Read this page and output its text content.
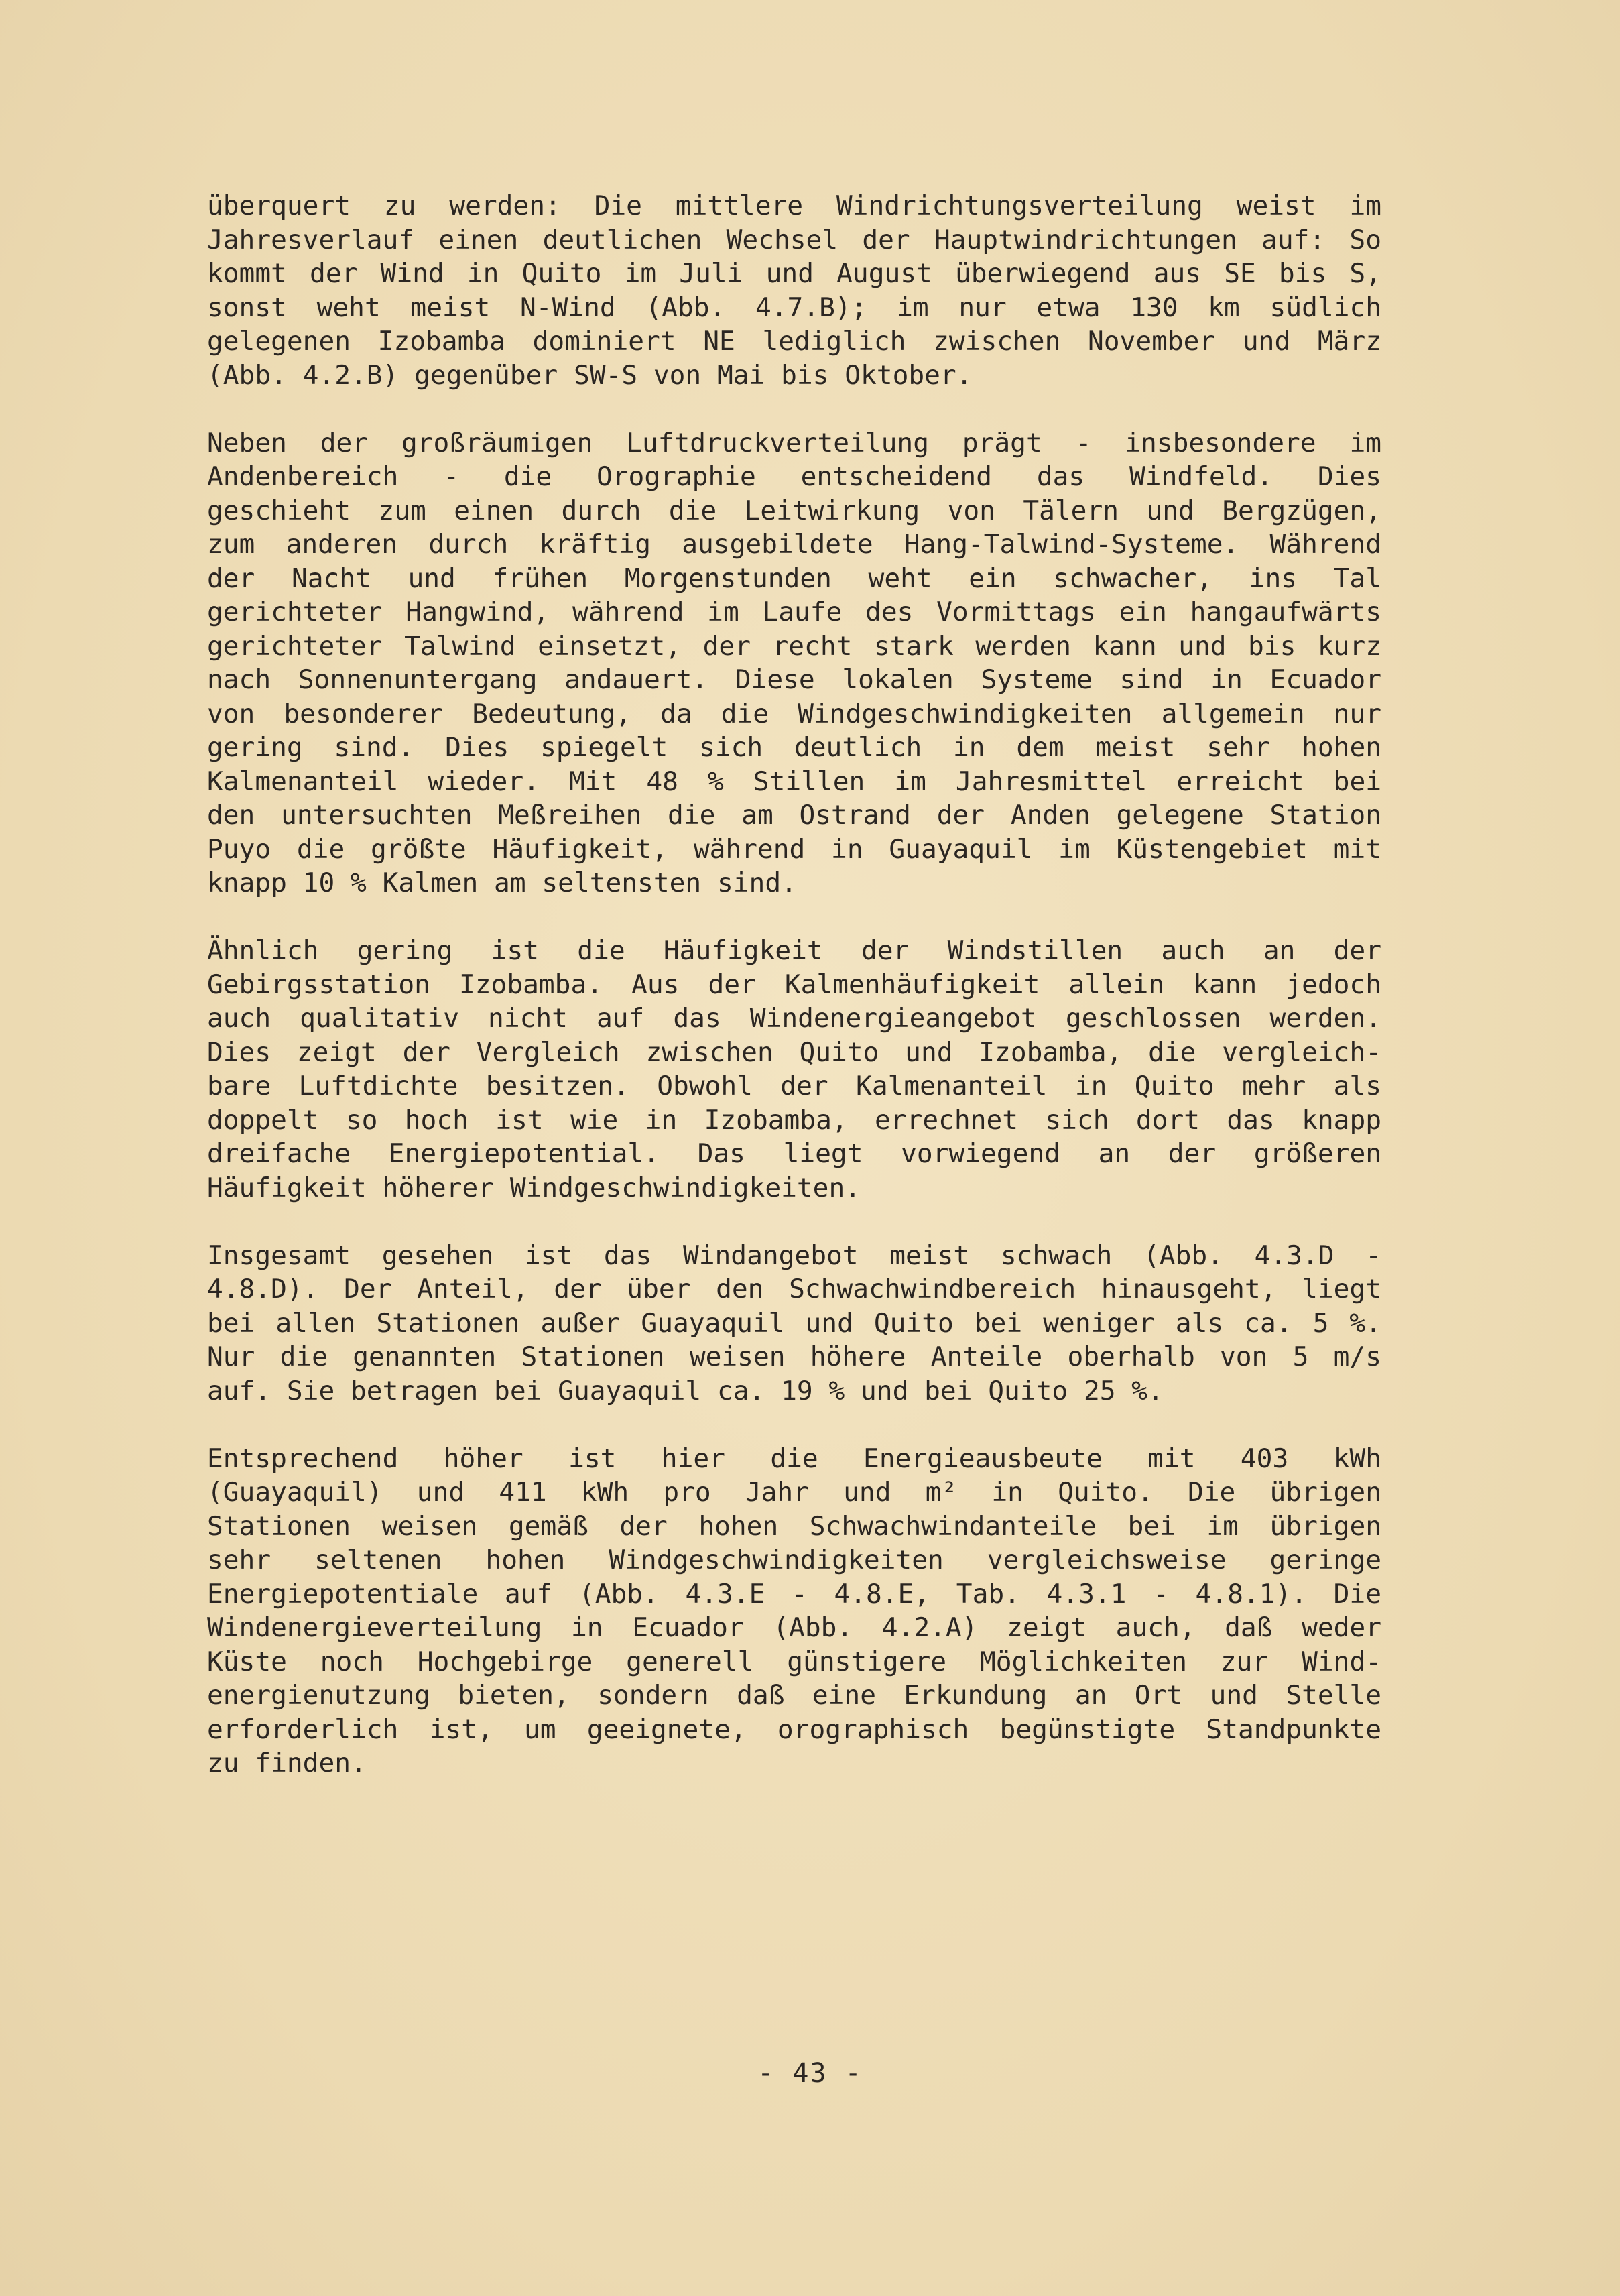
überquert zu werden: Die mittlere Windrichtungsverteilung weist im
Jahresverlauf einen deutlichen Wechsel der Hauptwindrichtungen auf: So
kommt der Wind in Quito im Juli und August überwiegend aus SE bis S,
sonst weht meist N-Wind (Abb. 4.7.B); im nur etwa 130 km südlich
gelegenen Izobamba dominiert NE lediglich zwischen November und März
(Abb. 4.2.B) gegenüber SW-S von Mai bis Oktober.
Neben der großräumigen Luftdruckverteilung prägt - insbesondere im
Andenbereich - die Orographie entscheidend das Windfeld. Dies
geschieht zum einen durch die Leitwirkung von Tälern und Bergzügen,
zum anderen durch kräftig ausgebildete Hang-Talwind-Systeme. Während
der Nacht und frühen Morgenstunden weht ein schwacher, ins Tal
gerichteter Hangwind, während im Laufe des Vormittags ein hangaufwärts
gerichteter Talwind einsetzt, der recht stark werden kann und bis kurz
nach Sonnenuntergang andauert. Diese lokalen Systeme sind in Ecuador
von besonderer Bedeutung, da die Windgeschwindigkeiten allgemein nur
gering sind. Dies spiegelt sich deutlich in dem meist sehr hohen
Kalmenanteil wieder. Mit 48 % Stillen im Jahresmittel erreicht bei
den untersuchten Meßreihen die am Ostrand der Anden gelegene Station
Puyo die größte Häufigkeit, während in Guayaquil im Küstengebiet mit
knapp 10 % Kalmen am seltensten sind.
Ähnlich gering ist die Häufigkeit der Windstillen auch an der
Gebirgsstation Izobamba. Aus der Kalmenhäufigkeit allein kann jedoch
auch qualitativ nicht auf das Windenergieangebot geschlossen werden.
Dies zeigt der Vergleich zwischen Quito und Izobamba, die vergleich-
bare Luftdichte besitzen. Obwohl der Kalmenanteil in Quito mehr als
doppelt so hoch ist wie in Izobamba, errechnet sich dort das knapp
dreifache Energiepotential. Das liegt vorwiegend an der größeren
Häufigkeit höherer Windgeschwindigkeiten.
Insgesamt gesehen ist das Windangebot meist schwach (Abb. 4.3.D -
4.8.D). Der Anteil, der über den Schwachwindbereich hinausgeht, liegt
bei allen Stationen außer Guayaquil und Quito bei weniger als ca. 5 %.
Nur die genannten Stationen weisen höhere Anteile oberhalb von 5 m/s
auf. Sie betragen bei Guayaquil ca. 19 % und bei Quito 25 %.
Entsprechend höher ist hier die Energieausbeute mit 403 kWh
(Guayaquil) und 411 kWh pro Jahr und m² in Quito. Die übrigen
Stationen weisen gemäß der hohen Schwachwindanteile bei im übrigen
sehr seltenen hohen Windgeschwindigkeiten vergleichsweise geringe
Energiepotentiale auf (Abb. 4.3.E - 4.8.E, Tab. 4.3.1 - 4.8.1). Die
Windenergieverteilung in Ecuador (Abb. 4.2.A) zeigt auch, daß weder
Küste noch Hochgebirge generell günstigere Möglichkeiten zur Wind-
energienutzung bieten, sondern daß eine Erkundung an Ort und Stelle
erforderlich ist, um geeignete, orographisch begünstigte Standpunkte
zu finden.
- 43 -
